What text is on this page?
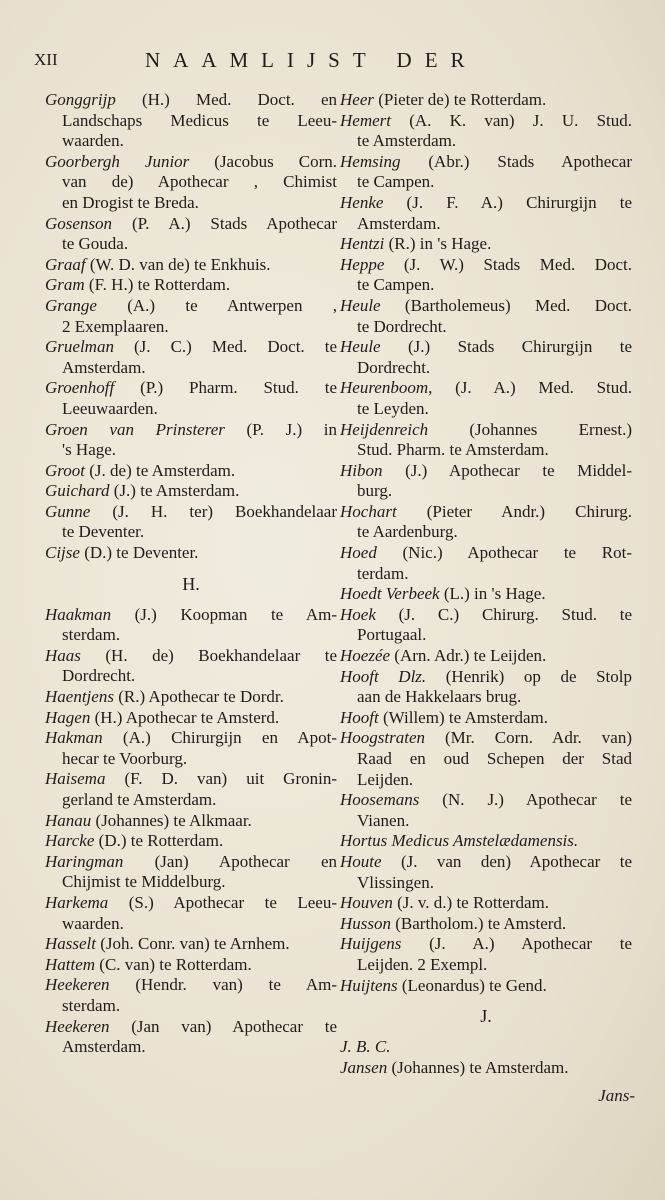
XII	NAAMLIJST DER
Gonggrijp (H.) Med. Doct. en
Landschaps Medicus te Leeu-
waarden.
Goorbergh Junior (Jacobus Corn.
van de) Apothecar , Chimist
en Drogist te Breda.
Gosenson (P. A.) Stads Apothecar
te Gouda.
Graaf (W. D. van de) te Enkhuis.
Gram (F. H.) te Rotterdam.
Grange (A.) te Antwerpen ,
2 Exemplaaren.
Gruelman (J. C.) Med. Doct. te
Amsterdam.
Groenhoff (P.) Pharm. Stud. te
Leeuwaarden.
Groen van Prinsterer (P. J.) in
's Hage.
Groot (J. de) te Amsterdam.
Guichard (J.) te Amsterdam.
Gunne (J. H. ter) Boekhandelaar
te Deventer.
Cijse (D.) te Deventer.
H.
Haakman (J.) Koopman te Am-
sterdam.
Haas (H. de) Boekhandelaar te
Dordrecht.
Haentjens (R.) Apothecar te Dordr.
Hagen (H.) Apothecar te Amsterd.
Hakman (A.) Chirurgijn en Apot-
hecar te Voorburg.
Haisema (F. D. van) uit Gronin-
gerland te Amsterdam.
Hanau (Johannes) te Alkmaar.
Harcke (D.) te Rotterdam.
Haringman (Jan) Apothecar en
Chijmist te Middelburg.
Harkema (S.) Apothecar te Leeu-
waarden.
Hasselt (Joh. Conr. van) te Arnhem.
Hattem (C. van) te Rotterdam.
Heekeren (Hendr. van) te Am-
sterdam.
Heekeren (Jan van) Apothecar te
Amsterdam.
Heer (Pieter de) te Rotterdam.
Hemert (A. K. van) J. U. Stud.
te Amsterdam.
Hemsing (Abr.) Stads Apothecar
te Campen.
Henke (J. F. A.) Chirurgijn te
Amsterdam.
Hentzi (R.) in 's Hage.
Heppe (J. W.) Stads Med. Doct.
te Campen.
Heule (Bartholemeus) Med. Doct.
te Dordrecht.
Heule (J.) Stads Chirurgijn te
Dordrecht.
Heurenboom, (J. A.) Med. Stud.
te Leyden.
Heijdenreich (Johannes Ernest.)
Stud. Pharm. te Amsterdam.
Hibon (J.) Apothecar te Middel-
burg.
Hochart (Pieter Andr.) Chirurg.
te Aardenburg.
Hoed (Nic.) Apothecar te Rot-
terdam.
Hoedt Verbeek (L.) in 's Hage.
Hoek (J. C.) Chirurg. Stud. te
Portugaal.
Hoezée (Arn. Adr.) te Leijden.
Hooft Dlz. (Henrik) op de Stolp
aan de Hakkelaars brug.
Hooft (Willem) te Amsterdam.
Hoogstraten (Mr. Corn. Adr. van)
Raad en oud Schepen der Stad
Leijden.
Hoosemans (N. J.) Apothecar te
Vianen.
Hortus Medicus Amstelædamensis.
Houte (J. van den) Apothecar te
Vlissingen.
Houven (J. v. d.) te Rotterdam.
Husson (Bartholom.) te Amsterd.
Huijgens (J. A.) Apothecar te
Leijden. 2 Exempl.
Huijtens (Leonardus) te Gend.
J.
J. B. C.
Jansen (Johannes) te Amsterdam.
Jans-
